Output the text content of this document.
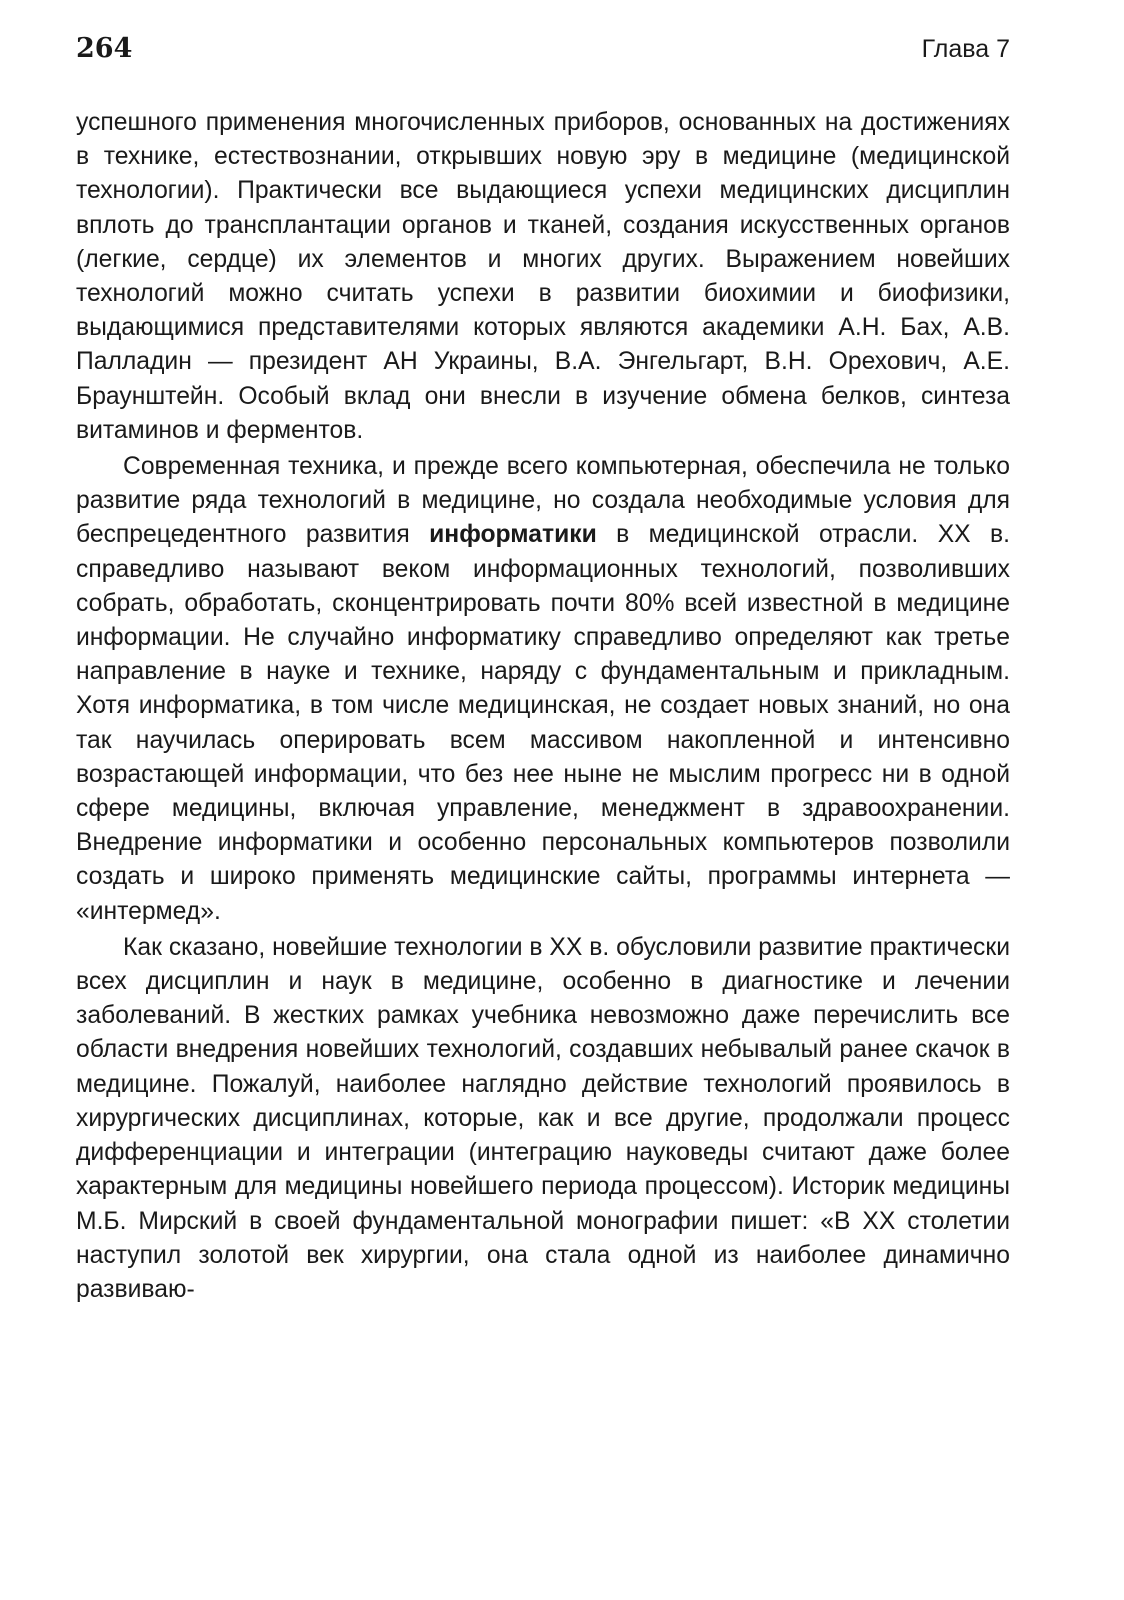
264	Глава 7

успешного применения многочисленных приборов, основанных на достижениях в технике, естествознании, открывших новую эру в медицине (медицинской технологии). Практически все выдающиеся успехи медицинских дисциплин вплоть до трансплантации органов и тканей, создания искусственных органов (легкие, сердце) их элементов и многих других. Выражением новейших технологий можно считать успехи в развитии биохимии и биофизики, выдающимися представителями которых являются академики А.Н. Бах, А.В. Палладин — президент АН Украины, В.А. Энгельгарт, В.Н. Орехович, А.Е. Браунштейн. Особый вклад они внесли в изучение обмена белков, синтеза витаминов и ферментов.

Современная техника, и прежде всего компьютерная, обеспечила не только развитие ряда технологий в медицине, но создала необходимые условия для беспрецедентного развития информатики в медицинской отрасли. XX в. справедливо называют веком информационных технологий, позволивших собрать, обработать, сконцентрировать почти 80% всей известной в медицине информации. Не случайно информатику справедливо определяют как третье направление в науке и технике, наряду с фундаментальным и прикладным. Хотя информатика, в том числе медицинская, не создает новых знаний, но она так научилась оперировать всем массивом накопленной и интенсивно возрастающей информации, что без нее ныне не мыслим прогресс ни в одной сфере медицины, включая управление, менеджмент в здравоохранении. Внедрение информатики и особенно персональных компьютеров позволили создать и широко применять медицинские сайты, программы интернета — «интермед».

Как сказано, новейшие технологии в XX в. обусловили развитие практически всех дисциплин и наук в медицине, особенно в диагностике и лечении заболеваний. В жестких рамках учебника невозможно даже перечислить все области внедрения новейших технологий, создавших небывалый ранее скачок в медицине. Пожалуй, наиболее наглядно действие технологий проявилось в хирургических дисциплинах, которые, как и все другие, продолжали процесс дифференциации и интеграции (интеграцию науковеды считают даже более характерным для медицины новейшего периода процессом). Историк медицины М.Б. Мирский в своей фундаментальной монографии пишет: «В XX столетии наступил золотой век хирургии, она стала одной из наиболее динамично развиваю-
